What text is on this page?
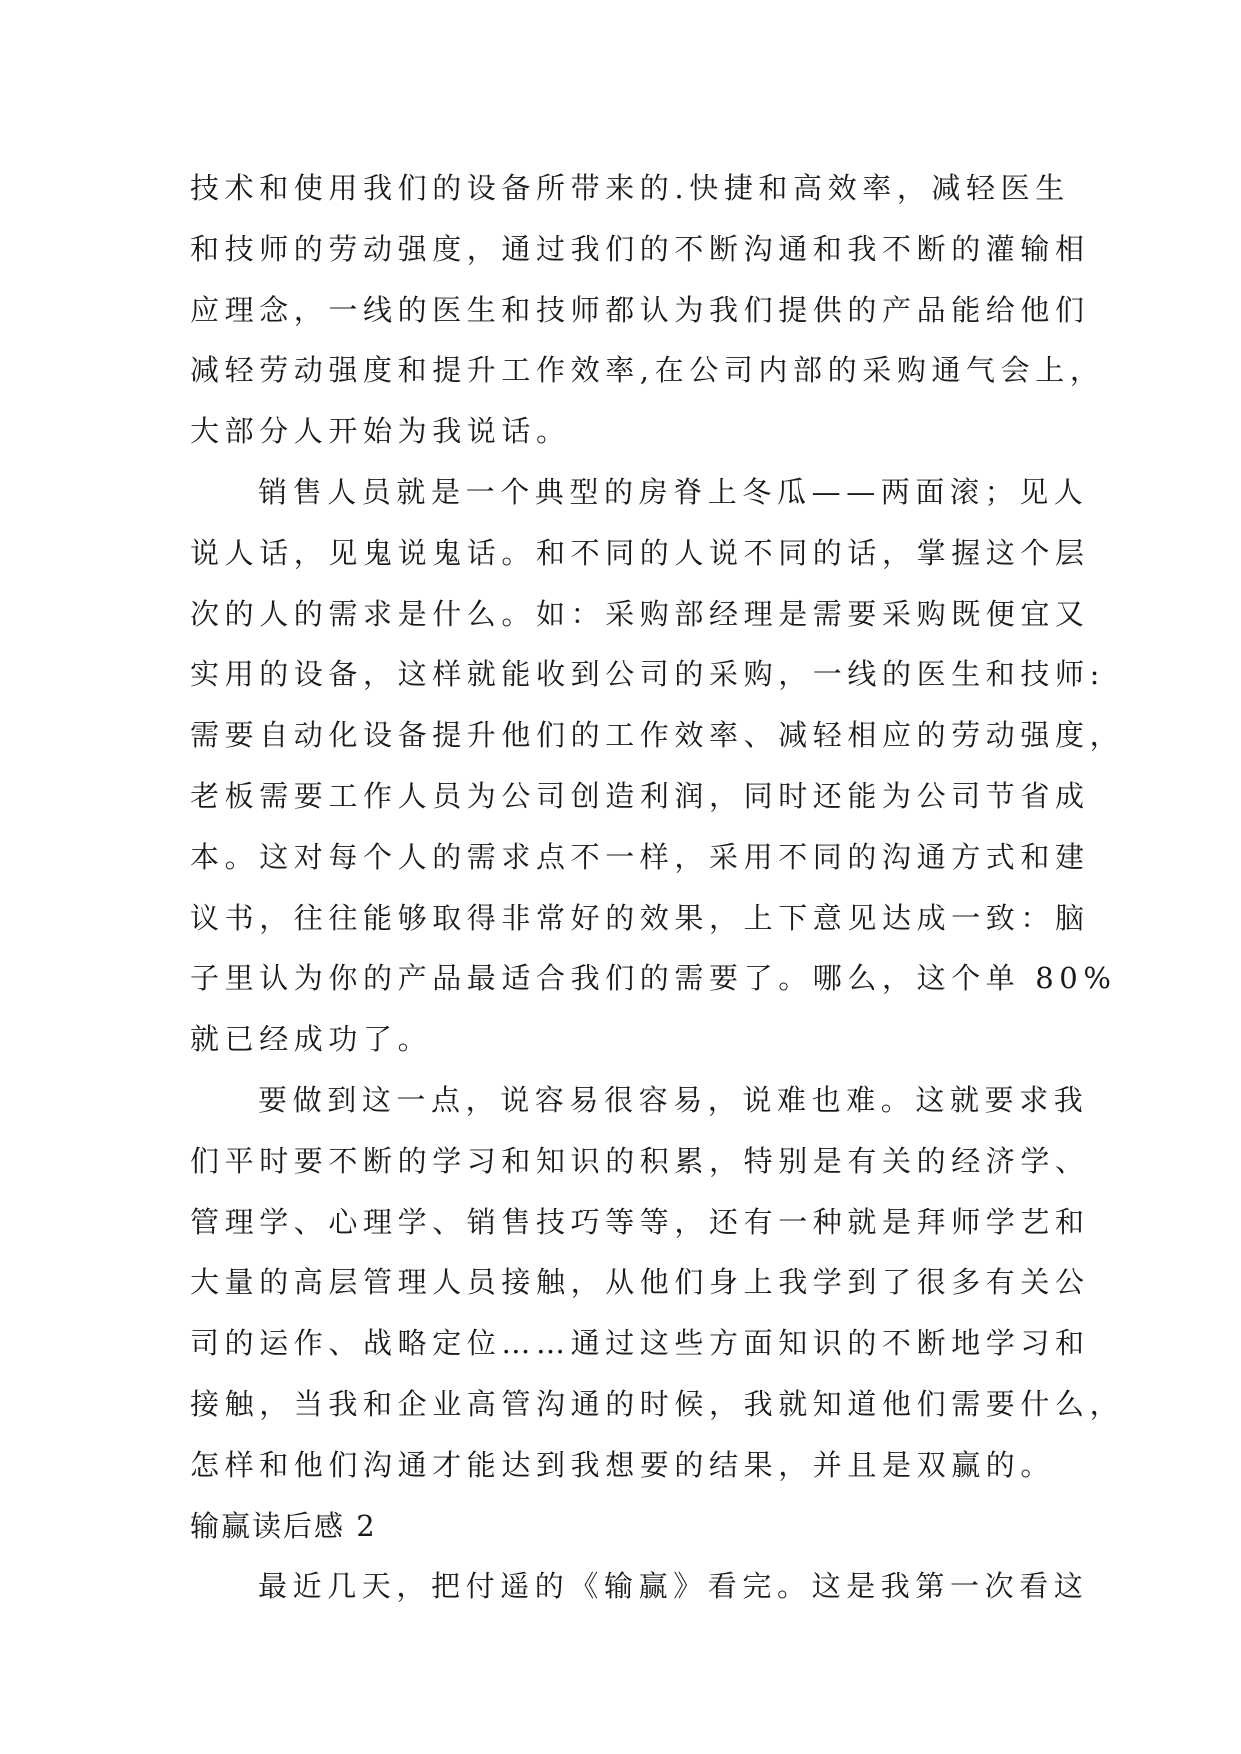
技术和使用我们的设备所带来的.快捷和高效率，减轻医生
和技师的劳动强度，通过我们的不断沟通和我不断的灌输相
应理念，一线的医生和技师都认为我们提供的产品能给他们
减轻劳动强度和提升工作效率,在公司内部的采购通气会上，
大部分人开始为我说话。
销售人员就是一个典型的房脊上冬瓜——两面滚；见人
说人话，见鬼说鬼话。和不同的人说不同的话，掌握这个层
次的人的需求是什么。如：采购部经理是需要采购既便宜又
实用的设备，这样就能收到公司的采购，一线的医生和技师:
需要自动化设备提升他们的工作效率、减轻相应的劳动强度，
老板需要工作人员为公司创造利润，同时还能为公司节省成
本。这对每个人的需求点不一样，采用不同的沟通方式和建
议书，往往能够取得非常好的效果，上下意见达成一致：脑
子里认为你的产品最适合我们的需要了。哪么，这个单 80%
就已经成功了。
要做到这一点，说容易很容易，说难也难。这就要求我
们平时要不断的学习和知识的积累，特别是有关的经济学、
管理学、心理学、销售技巧等等，还有一种就是拜师学艺和
大量的高层管理人员接触，从他们身上我学到了很多有关公
司的运作、战略定位……通过这些方面知识的不断地学习和
接触，当我和企业高管沟通的时候，我就知道他们需要什么，
怎样和他们沟通才能达到我想要的结果，并且是双赢的。
输赢读后感 2
最近几天，把付遥的《输赢》看完。这是我第一次看这
